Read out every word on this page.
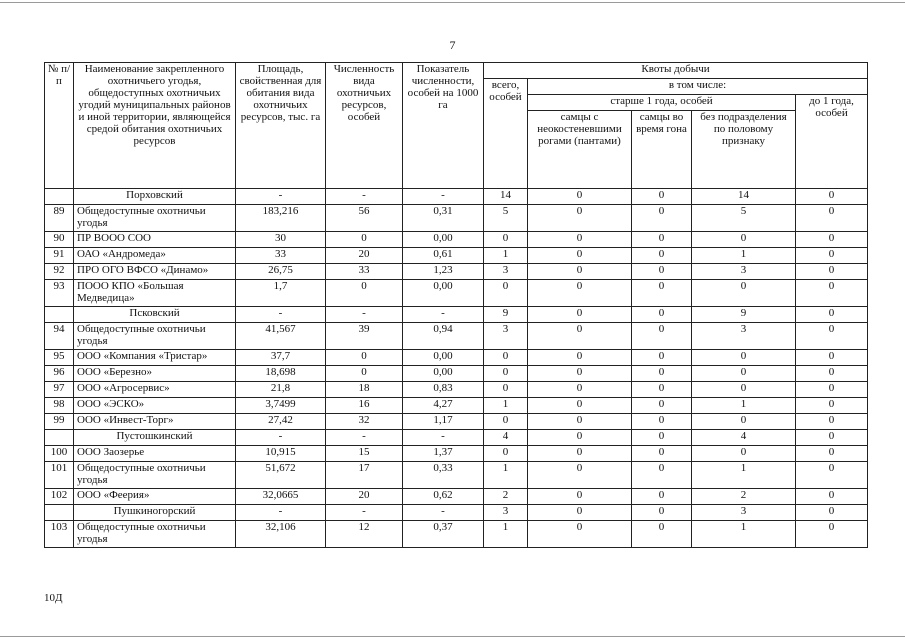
7
№ п/п	Наименование закрепленного охотничьего угодья, общедоступных охотничьих угодий муниципальных районов и иной территории, являющейся средой обитания охотничьих ресурсов	Площадь, свойственная для обитания вида охотничьих ресурсов, тыс. га	Численность вида охотничьих ресурсов, особей	Показатель численности, особей на 1000 га	Квоты добычи				
					всего, особей	в том числе:			
						старше 1 года, особей			до 1 года, особей
						самцы с неокостеневшими рогами (пантами)	самцы во время гона	без подразделения по половому признаку	
	Порховский	-	-	-	14	0	0	14	0
89	Общедоступные охотничьи угодья	183,216	56	0,31	5	0	0	5	0
90	ПР ВООО СОО	30	0	0,00	0	0	0	0	0
91	ОАО «Андромеда»	33	20	0,61	1	0	0	1	0
92	ПРО ОГО ВФСО «Динамо»	26,75	33	1,23	3	0	0	3	0
93	ПООО КПО «Большая Медведица»	1,7	0	0,00	0	0	0	0	0
	Псковский	-	-	-	9	0	0	9	0
94	Общедоступные охотничьи угодья	41,567	39	0,94	3	0	0	3	0
95	ООО «Компания «Тристар»	37,7	0	0,00	0	0	0	0	0
96	ООО «Березно»	18,698	0	0,00	0	0	0	0	0
97	ООО «Агросервис»	21,8	18	0,83	0	0	0	0	0
98	ООО «ЭСКО»	3,7499	16	4,27	1	0	0	1	0
99	ООО «Инвест-Торг»	27,42	32	1,17	0	0	0	0	0
	Пустошкинский	-	-	-	4	0	0	4	0
100	ООО Заозерье	10,915	15	1,37	0	0	0	0	0
101	Общедоступные охотничьи угодья	51,672	17	0,33	1	0	0	1	0
102	ООО «Феерия»	32,0665	20	0,62	2	0	0	2	0
	Пушкиногорский	-	-	-	3	0	0	3	0
103	Общедоступные охотничьи угодья	32,106	12	0,37	1	0	0	1	0
10Д
